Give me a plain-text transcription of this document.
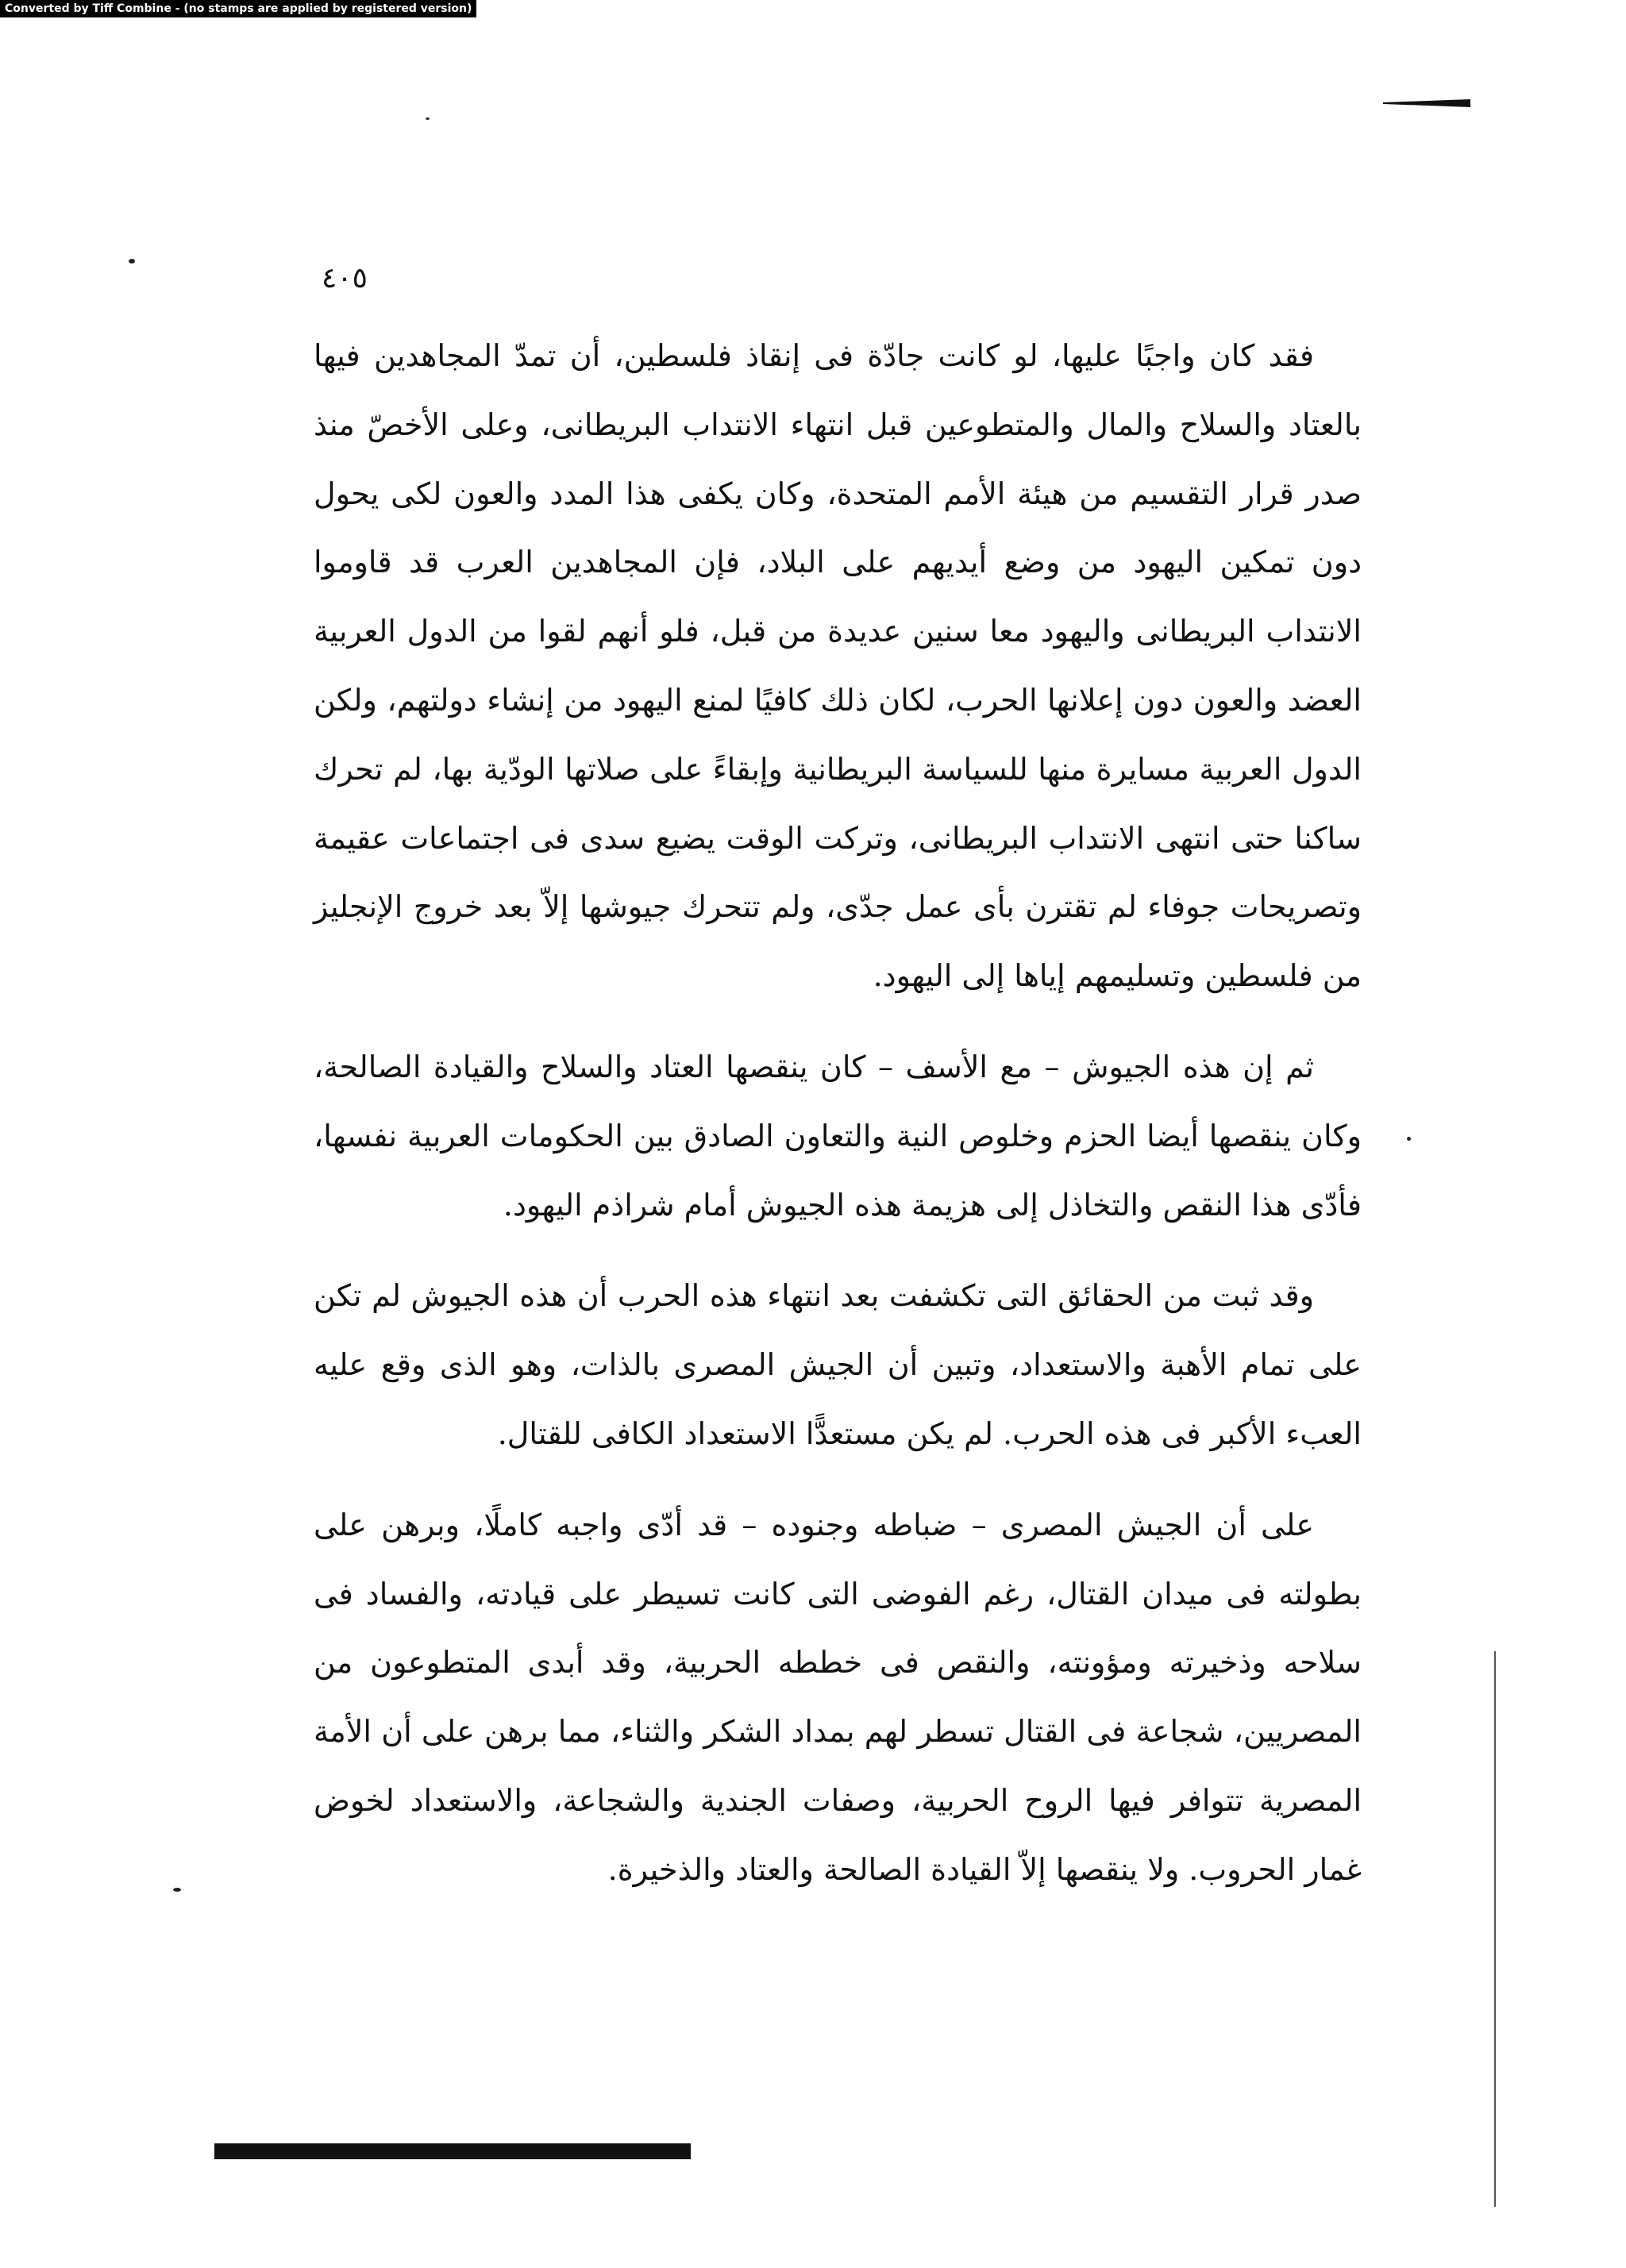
Converted by Tiff Combine - (no stamps are applied by registered version)
٤٠٥

فقد كان واجبًا عليها، لو كانت جادّة فى إنقاذ فلسطين، أن تمدّ المجاهدين فيها بالعتاد والسلاح والمال والمتطوعين قبل انتهاء الانتداب البريطانى، وعلى الأخصّ منذ صدر قرار التقسيم من هيئة الأمم المتحدة، وكان يكفى هذا المدد والعون لكى يحول دون تمكين اليهود من وضع أيديهم على البلاد، فإن المجاهدين العرب قد قاوموا الانتداب البريطانى واليهود معا سنين عديدة من قبل، فلو أنهم لقوا من الدول العربية العضد والعون دون إعلانها الحرب، لكان ذلك كافيًا لمنع اليهود من إنشاء دولتهم، ولكن الدول العربية مسايرة منها للسياسة البريطانية وإبقاءً على صلاتها الودّية بها، لم تحرك ساكنا حتى انتهى الانتداب البريطانى، وتركت الوقت يضيع سدى فى اجتماعات عقيمة وتصريحات جوفاء لم تقترن بأى عمل جدّى، ولم تتحرك جيوشها إلاّ بعد خروج الإنجليز من فلسطين وتسليمهم إياها إلى اليهود.

ثم إن هذه الجيوش – مع الأسف – كان ينقصها العتاد والسلاح والقيادة الصالحة، وكان ينقصها أيضا الحزم وخلوص النية والتعاون الصادق بين الحكومات العربية نفسها، فأدّى هذا النقص والتخاذل إلى هزيمة هذه الجيوش أمام شراذم اليهود.

وقد ثبت من الحقائق التى تكشفت بعد انتهاء هذه الحرب أن هذه الجيوش لم تكن على تمام الأهبة والاستعداد، وتبين أن الجيش المصرى بالذات، وهو الذى وقع عليه العبء الأكبر فى هذه الحرب. لم يكن مستعدًّا الاستعداد الكافى للقتال.

على أن الجيش المصرى – ضباطه وجنوده – قد أدّى واجبه كاملًا، وبرهن على بطولته فى ميدان القتال، رغم الفوضى التى كانت تسيطر على قيادته، والفساد فى سلاحه وذخيرته ومؤونته، والنقص فى خططه الحربية، وقد أبدى المتطوعون من المصريين، شجاعة فى القتال تسطر لهم بمداد الشكر والثناء، مما برهن على أن الأمة المصرية تتوافر فيها الروح الحربية، وصفات الجندية والشجاعة، والاستعداد لخوض غمار الحروب. ولا ينقصها إلاّ القيادة الصالحة والعتاد والذخيرة.
